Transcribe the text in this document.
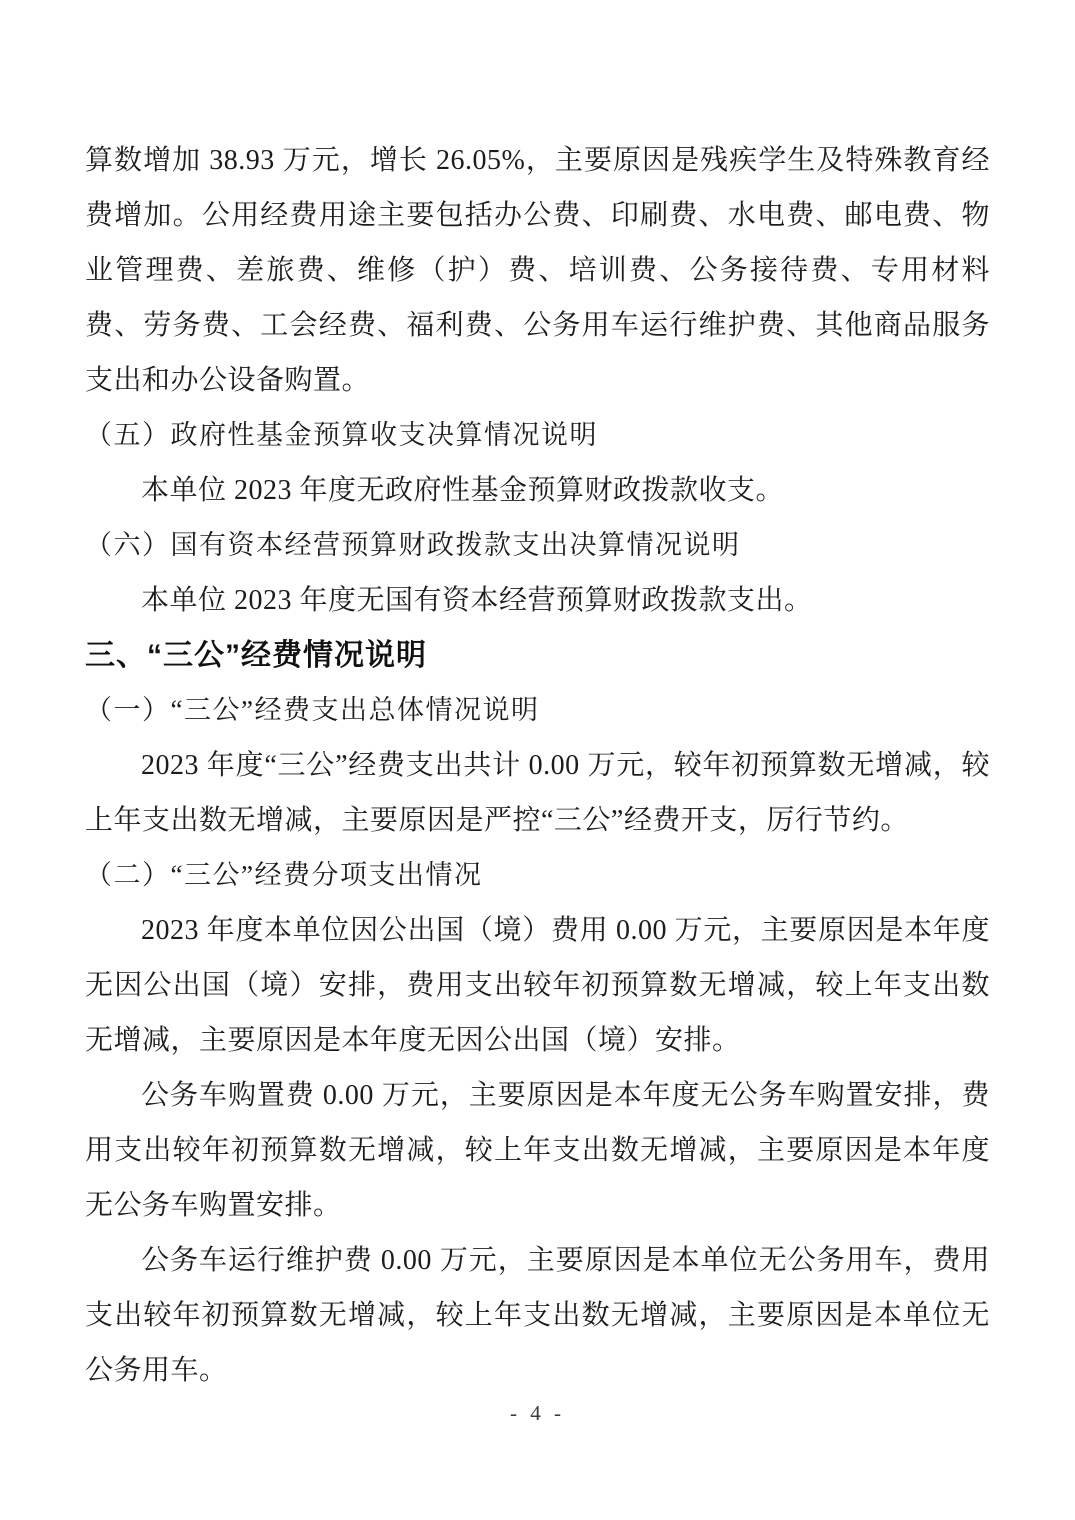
算数增加 38.93 万元，增长 26.05%，主要原因是残疾学生及特殊教育经费增加。公用经费用途主要包括办公费、印刷费、水电费、邮电费、物业管理费、差旅费、维修（护）费、培训费、公务接待费、专用材料费、劳务费、工会经费、福利费、公务用车运行维护费、其他商品服务支出和办公设备购置。

（五）政府性基金预算收支决算情况说明

本单位 2023 年度无政府性基金预算财政拨款收支。

（六）国有资本经营预算财政拨款支出决算情况说明

本单位 2023 年度无国有资本经营预算财政拨款支出。

三、“三公”经费情况说明

（一）“三公”经费支出总体情况说明

2023 年度“三公”经费支出共计 0.00 万元，较年初预算数无增减，较上年支出数无增减，主要原因是严控“三公”经费开支，厉行节约。

（二）“三公”经费分项支出情况

2023 年度本单位因公出国（境）费用 0.00 万元，主要原因是本年度无因公出国（境）安排，费用支出较年初预算数无增减，较上年支出数无增减，主要原因是本年度无因公出国（境）安排。

公务车购置费 0.00 万元，主要原因是本年度无公务车购置安排，费用支出较年初预算数无增减，较上年支出数无增减，主要原因是本年度无公务车购置安排。

公务车运行维护费 0.00 万元，主要原因是本单位无公务用车，费用支出较年初预算数无增减，较上年支出数无增减，主要原因是本单位无公务用车。

- 4 -
